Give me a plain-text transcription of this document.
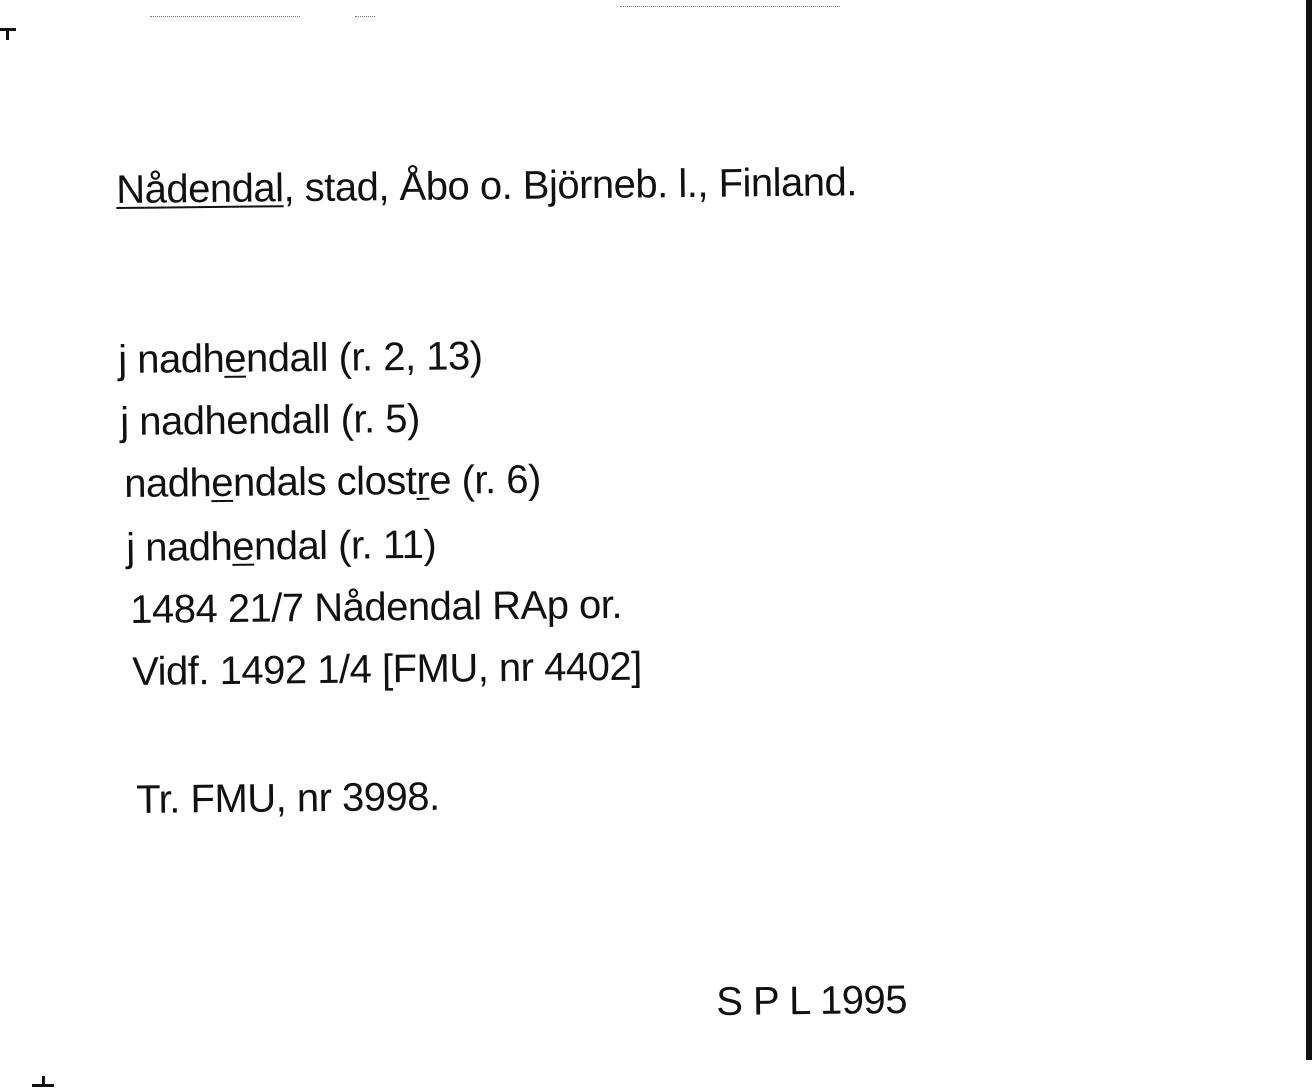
Nådendal, stad, Åbo o. Björneb. l., Finland.
j nadhendall (r. 2, 13)
j nadhendall (r. 5)
nadhendals clostre (r. 6)
j nadhendal (r. 11)
1484 21/7 Nådendal RAp or.
Vidf. 1492 1/4 [FMU, nr 4402]
Tr. FMU, nr 3998.
S P L 1995
